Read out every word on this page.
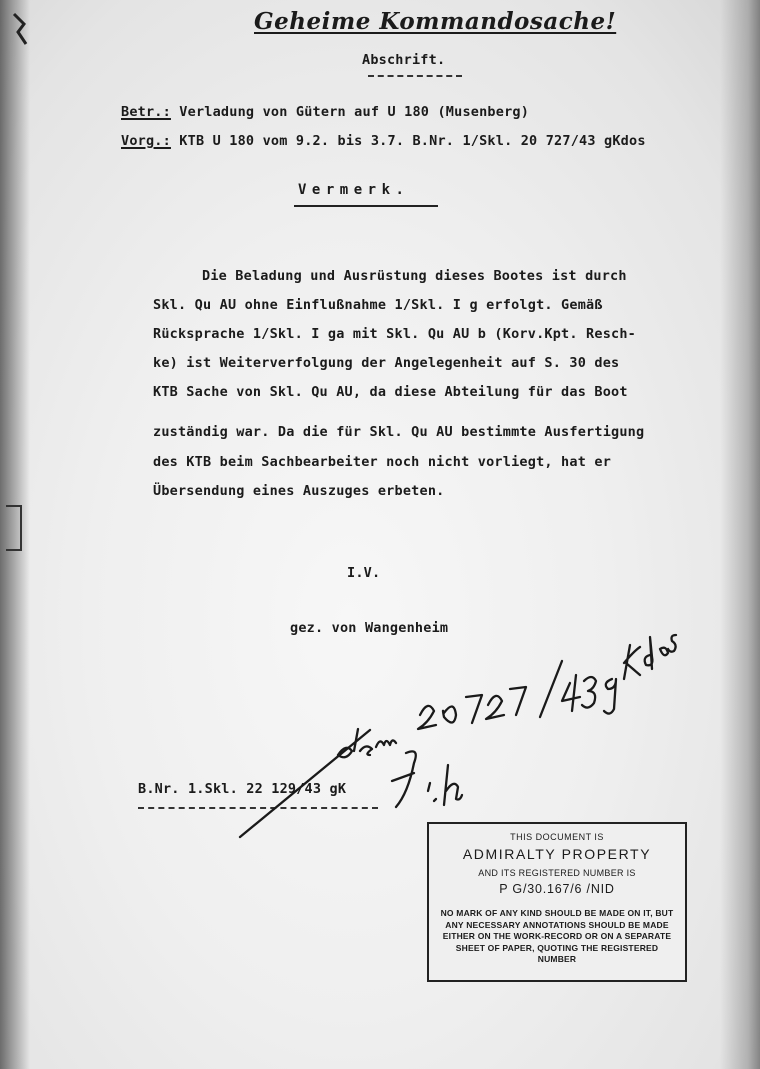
Geheime Kommandosache!
Abschrift.
Betr.: Verladung von Gütern auf U 180 (Musenberg)
Vorg.: KTB U 180 vom 9.2. bis 3.7. B.Nr. 1/Skl. 20 727/43 gKdos
Vermerk.
Die Beladung und Ausrüstung dieses Bootes ist durch
Skl. Qu AU ohne Einflußnahme 1/Skl. I g erfolgt. Gemäß
Rücksprache 1/Skl. I ga mit Skl. Qu AU b (Korv.Kpt. Resch-
ke) ist Weiterverfolgung der Angelegenheit auf S. 30 des
KTB Sache von Skl. Qu AU, da diese Abteilung für das Boot
zuständig war. Da die für Skl. Qu AU bestimmte Ausfertigung
des KTB beim Sachbearbeiter noch nicht vorliegt, hat er
Übersendung eines Auszuges erbeten.
I.V.
gez. von Wangenheim
B.Nr. 1.Skl. 22 129/43 gK
THIS DOCUMENT IS
ADMIRALTY PROPERTY
AND ITS REGISTERED NUMBER IS
P G/30.167/6 /NID
NO MARK OF ANY KIND SHOULD BE MADE ON IT, BUT ANY NECESSARY ANNOTATIONS SHOULD BE MADE EITHER ON THE WORK-RECORD OR ON A SEPARATE SHEET OF PAPER, QUOTING THE REGISTERED NUMBER
